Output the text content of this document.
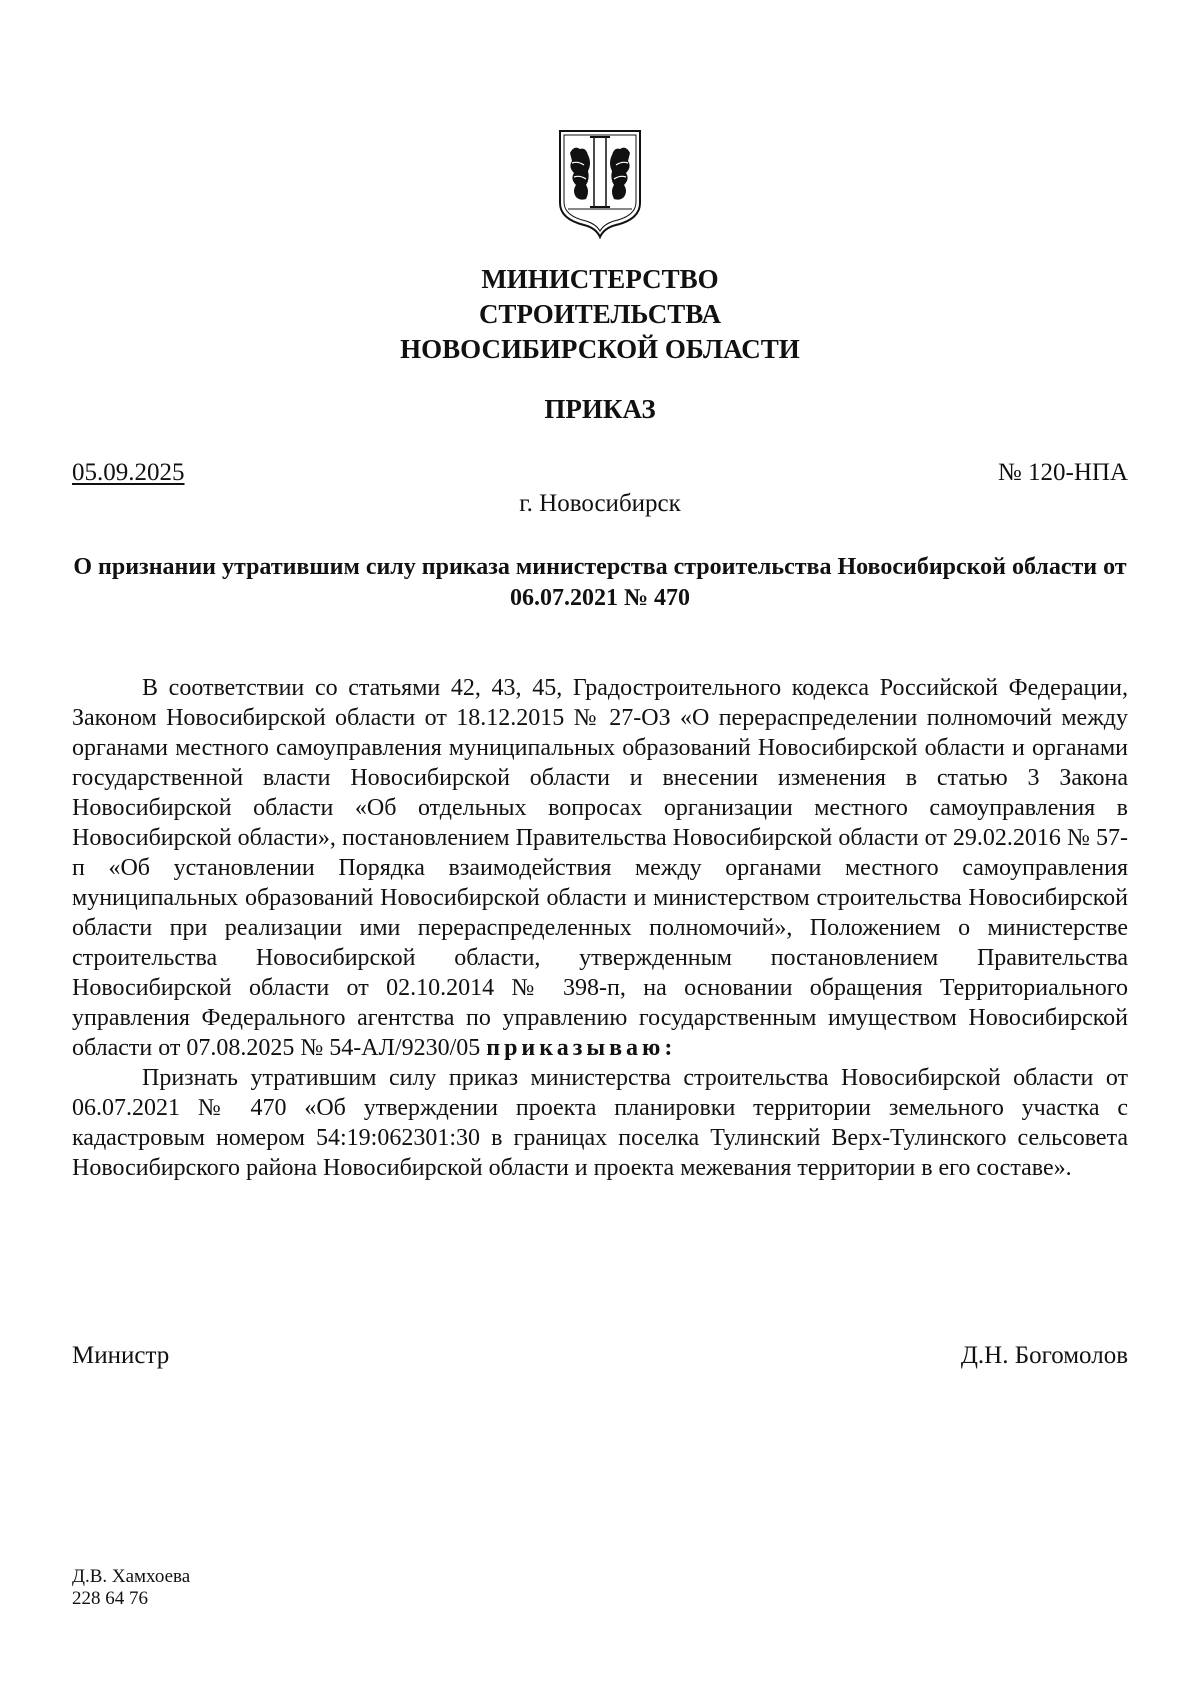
МИНИСТЕРСТВО
СТРОИТЕЛЬСТВА
НОВОСИБИРСКОЙ ОБЛАСТИ
ПРИКАЗ
05.09.2025	№ 120-НПА
г. Новосибирск
О признании утратившим силу приказа министерства строительства Новосибирской области от 06.07.2021 № 470

В соответствии со статьями 42, 43, 45, Градостроительного кодекса Российской Федерации, Законом Новосибирской области от 18.12.2015 № 27-ОЗ «О перераспределении полномочий между органами местного самоуправления муниципальных образований Новосибирской области и органами государственной власти Новосибирской области и внесении изменения в статью 3 Закона Новосибирской области «Об отдельных вопросах организации местного самоуправления в Новосибирской области», постановлением Правительства Новосибирской области от 29.02.2016 № 57-п «Об установлении Порядка взаимодействия между органами местного самоуправления муниципальных образований Новосибирской области и министерством строительства Новосибирской области при реализации ими перераспределенных полномочий», Положением о министерстве строительства Новосибирской области, утвержденным постановлением Правительства Новосибирской области от 02.10.2014 № 398-п, на основании обращения Территориального управления Федерального агентства по управлению государственным имуществом Новосибирской области от 07.08.2025 № 54-АЛ/9230/05 приказываю:

Признать утратившим силу приказ министерства строительства Новосибирской области от 06.07.2021 № 470 «Об утверждении проекта планировки территории земельного участка с кадастровым номером 54:19:062301:30 в границах поселка Тулинский Верх-Тулинского сельсовета Новосибирского района Новосибирской области и проекта межевания территории в его составе».

Министр	Д.Н. Богомолов
Д.В. Хамхоева
228 64 76
